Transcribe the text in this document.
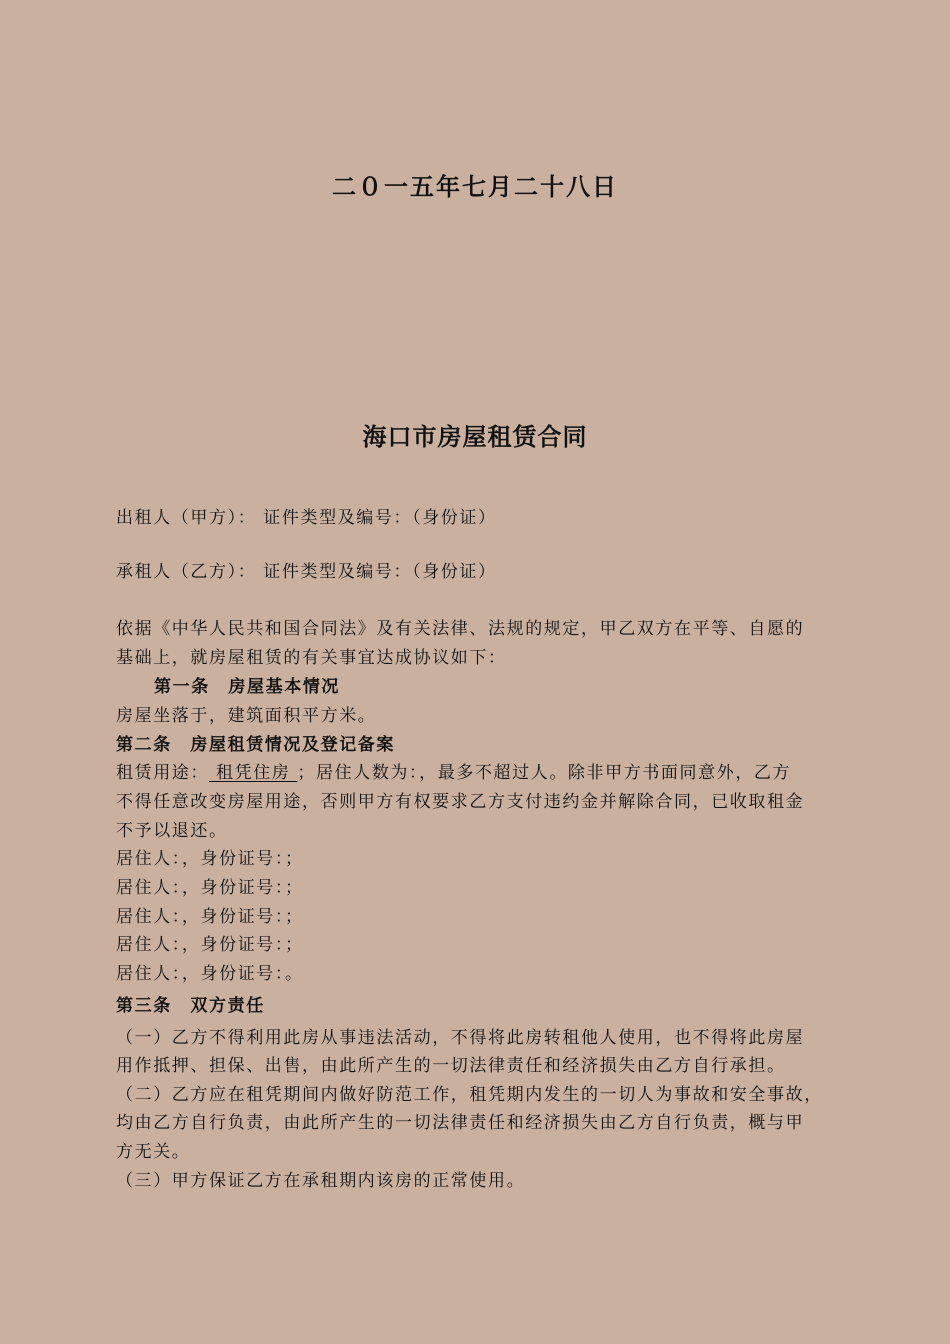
二０一五年七月二十八日
海口市房屋租赁合同
出租人（甲方）： 证件类型及编号：（身份证）
承租人（乙方）： 证件类型及编号：（身份证）
依据《中华人民共和国合同法》及有关法律、法规的规定，甲乙双方在平等、自愿的
基础上，就房屋租赁的有关事宜达成协议如下：
第一条　房屋基本情况
房屋坐落于，建筑面积平方米。
第二条　房屋租赁情况及登记备案
租赁用途： 租凭住房 ；居住人数为：，最多不超过人。除非甲方书面同意外，乙方
不得任意改变房屋用途，否则甲方有权要求乙方支付违约金并解除合同，已收取租金
不予以退还。
居住人：，身份证号：；
居住人：，身份证号：；
居住人：，身份证号：；
居住人：，身份证号：；
居住人：，身份证号：。
第三条　双方责任
（一）乙方不得利用此房从事违法活动，不得将此房转租他人使用，也不得将此房屋
用作抵押、担保、出售，由此所产生的一切法律责任和经济损失由乙方自行承担。
（二）乙方应在租凭期间内做好防范工作，租凭期内发生的一切人为事故和安全事故，
均由乙方自行负责，由此所产生的一切法律责任和经济损失由乙方自行负责，概与甲
方无关。
（三）甲方保证乙方在承租期内该房的正常使用。
